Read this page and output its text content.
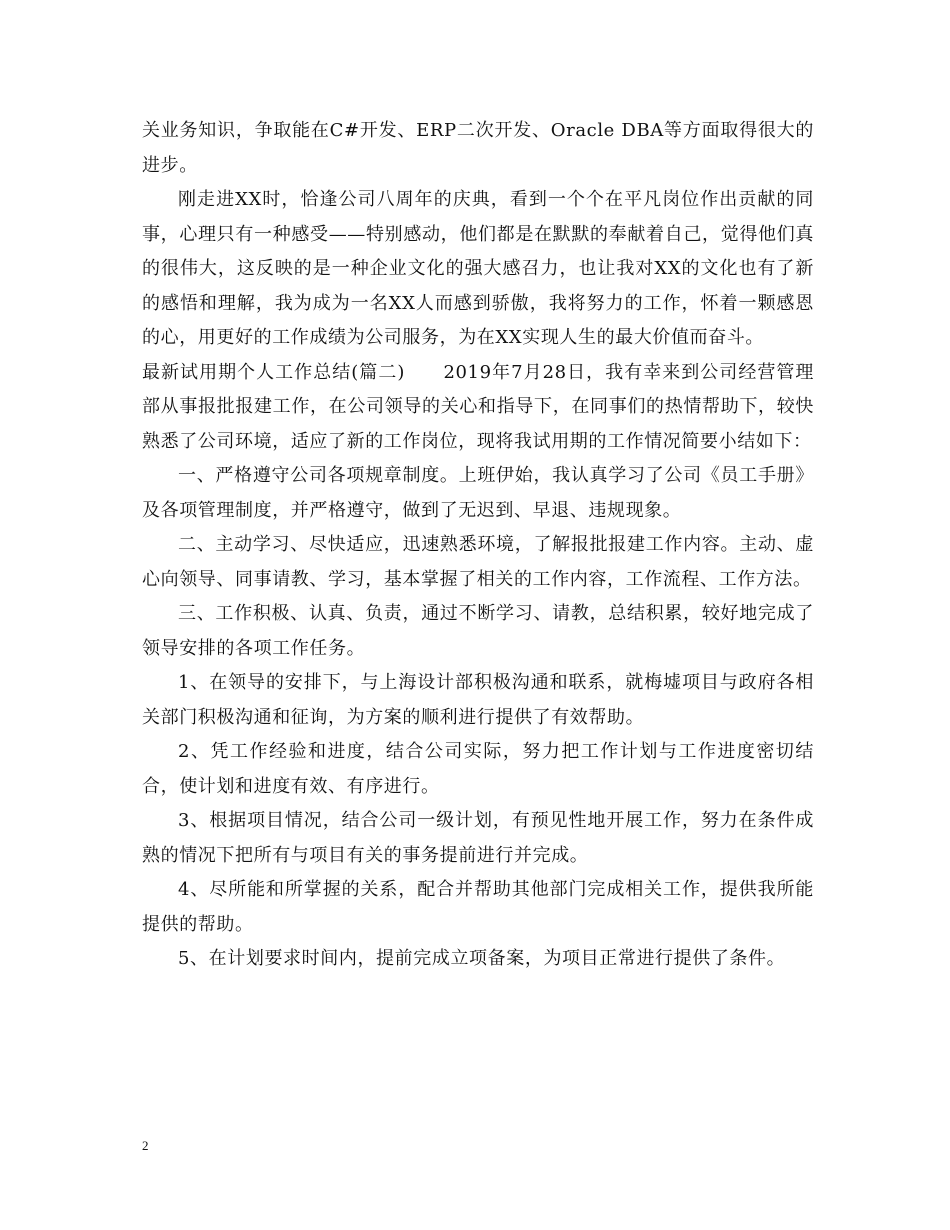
关业务知识，争取能在C#开发、ERP二次开发、Oracle DBA等方面取得很大的进步。

刚走进XX时，恰逢公司八周年的庆典，看到一个个在平凡岗位作出贡献的同事，心理只有一种感受——特别感动，他们都是在默默的奉献着自己，觉得他们真的很伟大，这反映的是一种企业文化的强大感召力，也让我对XX的文化也有了新的感悟和理解，我为成为一名XX人而感到骄傲，我将努力的工作，怀着一颗感恩的心，用更好的工作成绩为公司服务，为在XX实现人生的最大价值而奋斗。

最新试用期个人工作总结(篇二)　　2019年7月28日，我有幸来到公司经营管理部从事报批报建工作，在公司领导的关心和指导下，在同事们的热情帮助下，较快熟悉了公司环境，适应了新的工作岗位，现将我试用期的工作情况简要小结如下：

一、严格遵守公司各项规章制度。上班伊始，我认真学习了公司《员工手册》及各项管理制度，并严格遵守，做到了无迟到、早退、违规现象。

二、主动学习、尽快适应，迅速熟悉环境，了解报批报建工作内容。主动、虚心向领导、同事请教、学习，基本掌握了相关的工作内容，工作流程、工作方法。

三、工作积极、认真、负责，通过不断学习、请教，总结积累，较好地完成了领导安排的各项工作任务。

1、在领导的安排下，与上海设计部积极沟通和联系，就梅墟项目与政府各相关部门积极沟通和征询，为方案的顺利进行提供了有效帮助。

2、凭工作经验和进度，结合公司实际，努力把工作计划与工作进度密切结合，使计划和进度有效、有序进行。

3、根据项目情况，结合公司一级计划，有预见性地开展工作，努力在条件成熟的情况下把所有与项目有关的事务提前进行并完成。

4、尽所能和所掌握的关系，配合并帮助其他部门完成相关工作，提供我所能提供的帮助。

5、在计划要求时间内，提前完成立项备案，为项目正常进行提供了条件。

2
